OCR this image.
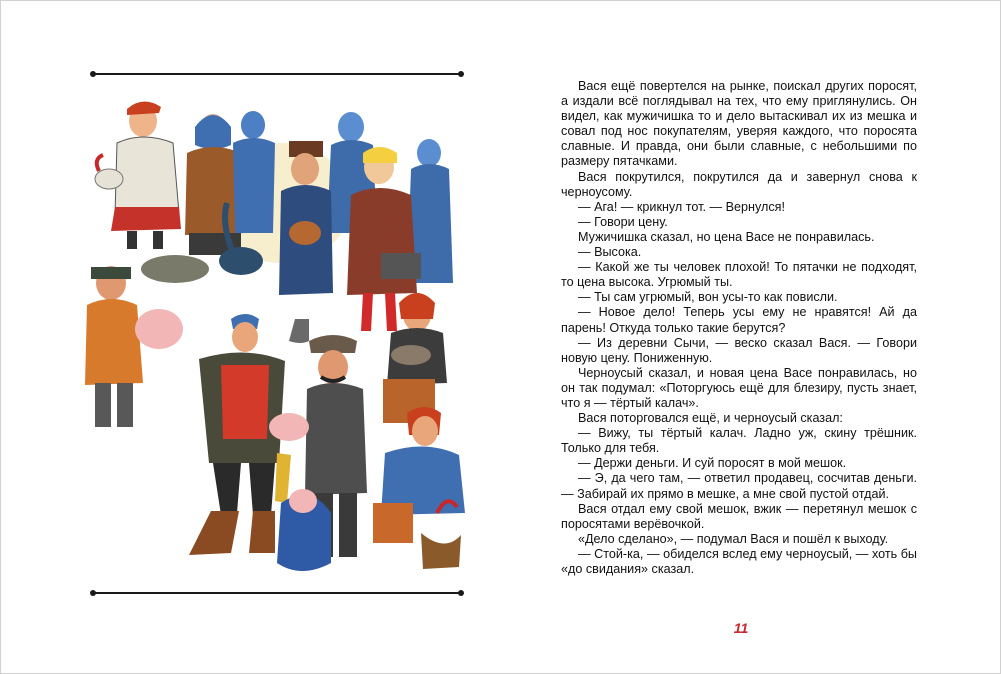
Вася ещё повертелся на рынке, поискал других поросят, а издали всё поглядывал на тех, что ему приглянулись. Он видел, как мужичишка то и дело вытаскивал их из мешка и совал под нос покупателям, уверяя каждого, что поросята славные. И правда, они были славные, с небольшими по размеру пятачками.

Вася покрутился, покрутился да и завернул снова к черноусому.

— Ага! — крикнул тот. — Вернулся!

— Говори цену.

Мужичишка сказал, но цена Васе не понравилась.

— Высока.

— Какой же ты человек плохой! То пятачки не подходят, то цена высока. Угрюмый ты.

— Ты сам угрюмый, вон усы-то как повисли.

— Новое дело! Теперь усы ему не нравятся! Ай да парень! Откуда только такие берутся?

— Из деревни Сычи, — веско сказал Вася. — Говори новую цену. Пониженную.

Черноусый сказал, и новая цена Васе понравилась, но он так подумал: «Поторгуюсь ещё для блезиру, пусть знает, что я — тёртый калач».

Вася поторговался ещё, и черноусый сказал:

— Вижу, ты тёртый калач. Ладно уж, скину трёшник. Только для тебя.

— Держи деньги. И суй поросят в мой мешок.

— Э, да чего там, — ответил продавец, сосчитав деньги. — Забирай их прямо в мешке, а мне свой пустой отдай.

Вася отдал ему свой мешок, вжик — перетянул мешок с поросятами верёвочкой.

«Дело сделано», — подумал Вася и пошёл к выходу.

— Стой-ка, — обиделся вслед ему черноусый, — хоть бы «до свидания» сказал.

11
